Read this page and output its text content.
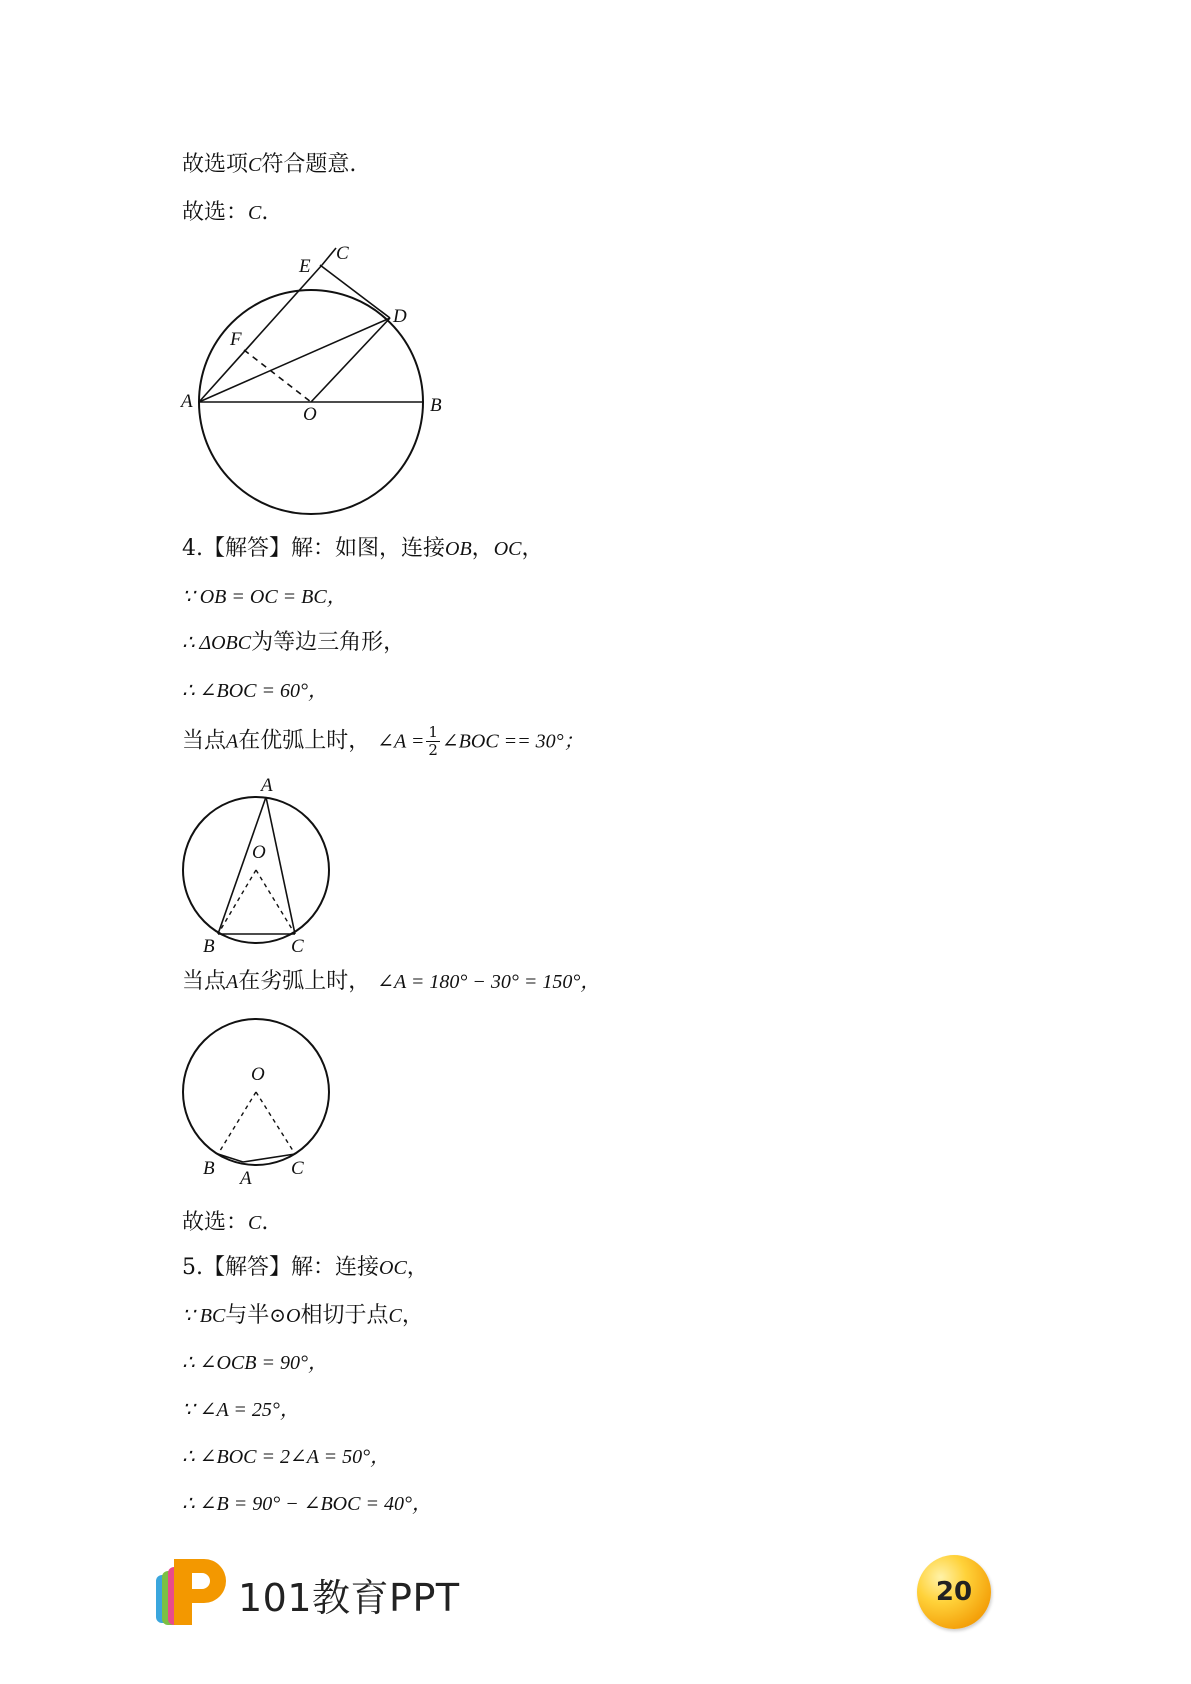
故选项C符合题意.
故选：C.
A	B
C
D
E
F
O
4.【解答】解：如图，连接OB，OC，
∵ OB = OC = BC，
∴ ΔOBC为等边三角形，
∴ ∠BOC = 60°，
当点A在优弧上时， ∠A = $\frac{1}{2}$ ∠BOC == 30°；
A
B	C
O
当点A在劣弧上时， ∠A = 180° − 30° = 150°，
O
B	C
A
故选：C.
5.【解答】解：连接OC，
∵ BC与半⊙O相切于点C，
∴ ∠OCB = 90°，
∵ ∠A = 25°，
∴ ∠BOC = 2∠A = 50°，
∴ ∠B = 90° − ∠BOC = 40°，
101教育PPT	20
